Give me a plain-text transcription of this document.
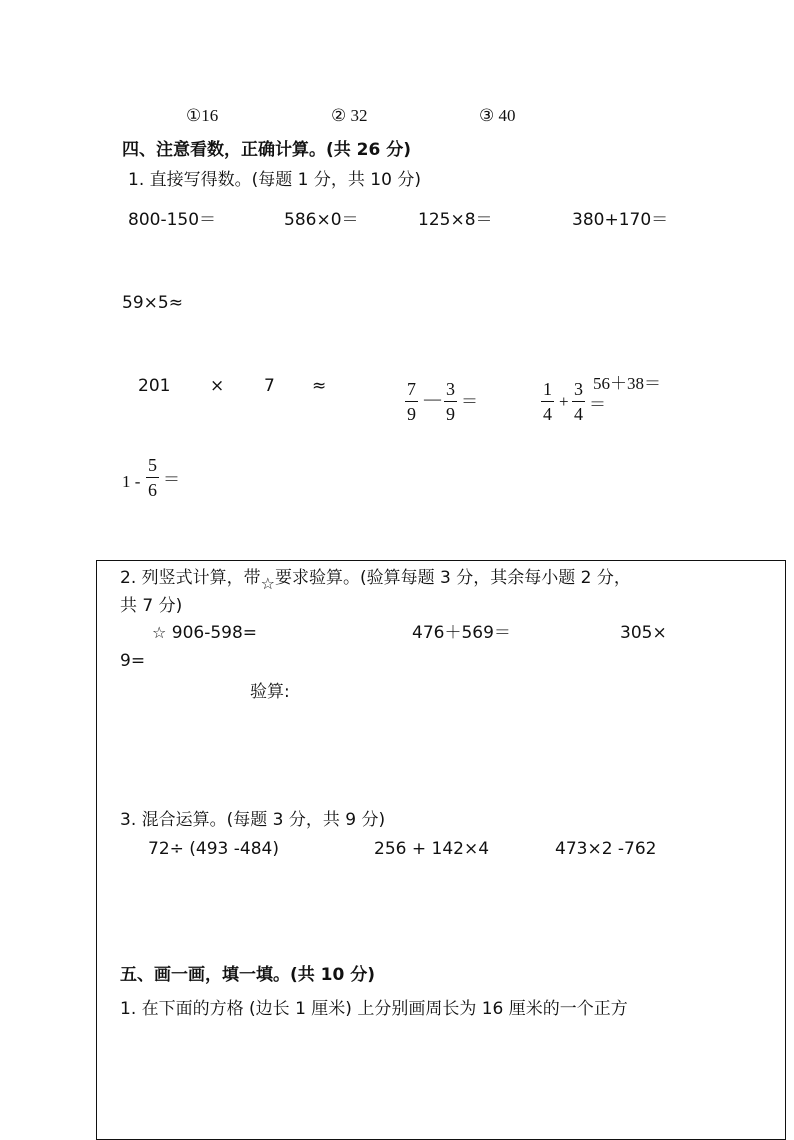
①16	② 32	③ 40
四、注意看数，正确计算。(共 26 分)
1. 直接写得数。(每题 1 分，共 10 分)
800-150＝	586×0＝	125×8＝	380+170＝
59×5≈
201 × 7 ≈	$\frac{7}{9}$ — $\frac{3}{9}$ ＝	$\frac{1}{4} + \frac{3}{4}$ ＝
56＋38＝
$1 - \frac{5}{6}$ ＝
2. 列竖式计算，带☆要求验算。(验算每题 3 分，其余每小题 2 分，
共 7 分)
☆ 906-598=	476＋569＝	305×
9=
验算:
3. 混合运算。(每题 3 分，共 9 分)
72÷ (493 -484)	256 + 142×4	473×2 -762
五、画一画，填一填。(共 10 分)
1. 在下面的方格 (边长 1 厘米) 上分别画周长为 16 厘米的一个正方
